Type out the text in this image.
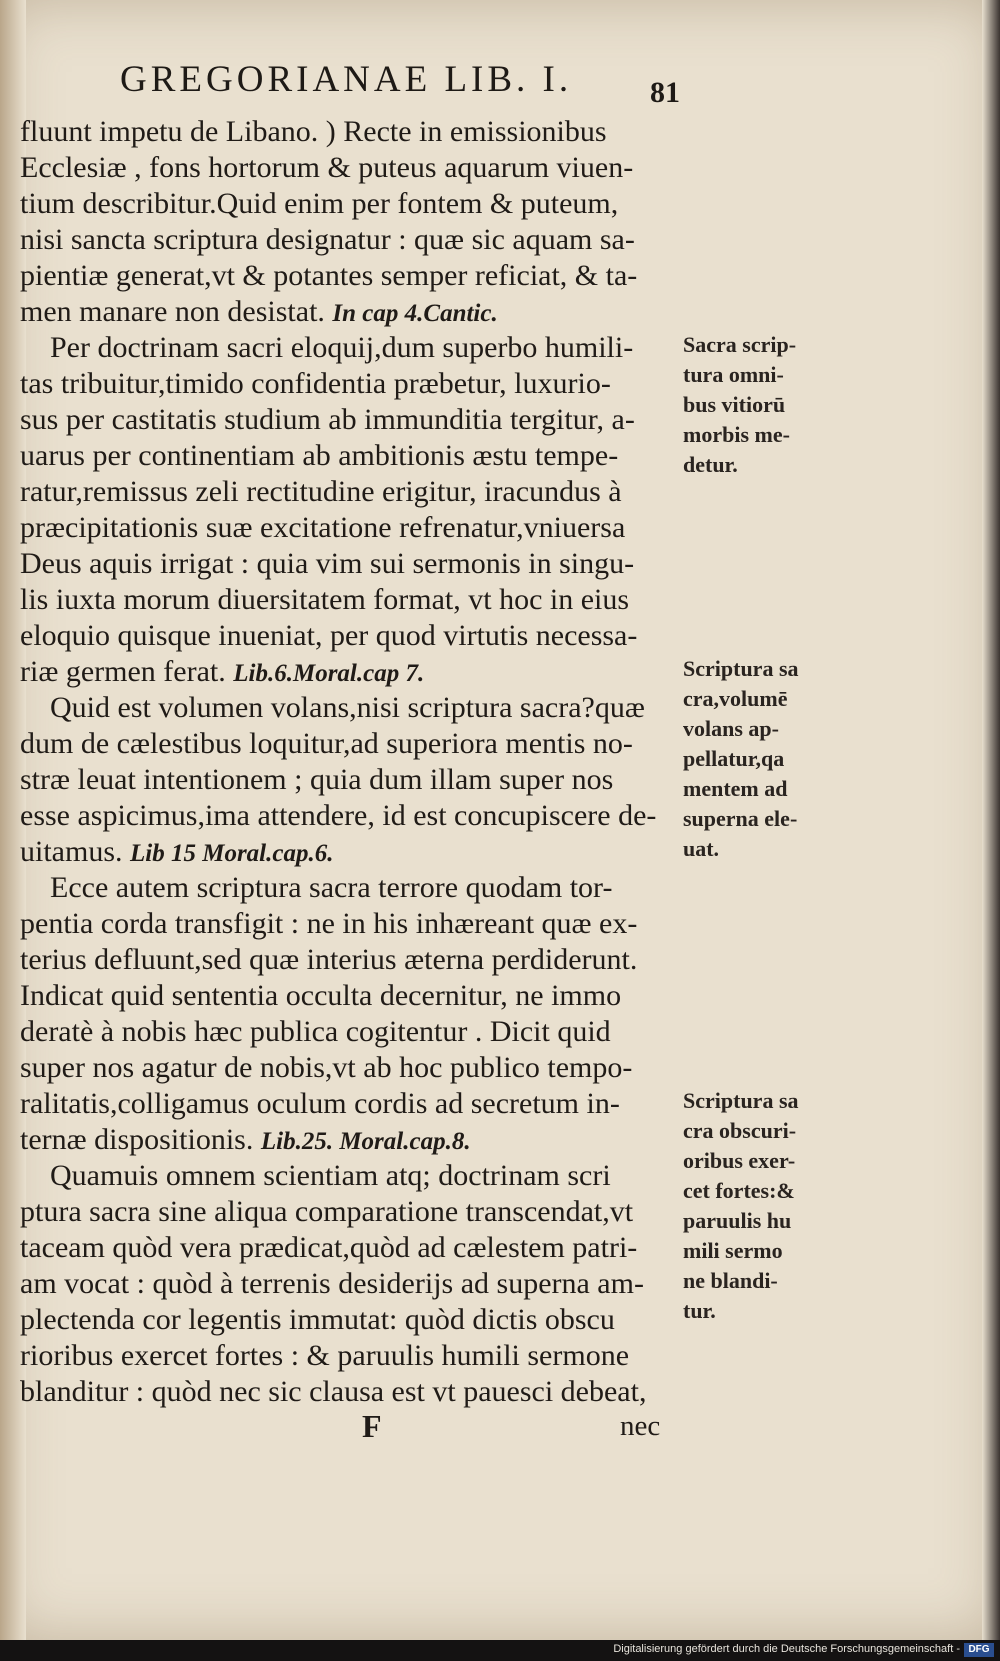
GREGORIANAE LIB. I.	81
fluunt impetu de Libano. ) Recte in emissionibus
Ecclesiæ , fons hortorum & puteus aquarum viuen-
tium describitur.Quid enim per fontem & puteum,
nisi sancta scriptura designatur : quæ sic aquam sa-
pientiæ generat,vt & potantes semper reficiat, & ta-
men manare non desistat. In cap 4.Cantic.
Per doctrinam sacri eloquij,dum superbo humili-
tas tribuitur,timido confidentia præbetur, luxurio-
sus per castitatis studium ab immunditia tergitur, a-
uarus per continentiam ab ambitionis æstu tempe-
ratur,remissus zeli rectitudine erigitur, iracundus à
præcipitationis suæ excitatione refrenatur,vniuersa
Deus aquis irrigat : quia vim sui sermonis in singu-
lis iuxta morum diuersitatem format, vt hoc in eius
eloquio quisque inueniat, per quod virtutis necessa-
riæ germen ferat. Lib.6.Moral.cap 7.
Quid est volumen volans,nisi scriptura sacra?quæ
dum de cælestibus loquitur,ad superiora mentis no-
stræ leuat intentionem ; quia dum illam super nos
esse aspicimus,ima attendere, id est concupiscere de-
uitamus. Lib 15 Moral.cap.6.
Ecce autem scriptura sacra terrore quodam tor-
pentia corda transfigit : ne in his inhæreant quæ ex-
terius defluunt,sed quæ interius æterna perdiderunt.
Indicat quid sententia occulta decernitur, ne immo
deratè à nobis hæc publica cogitentur . Dicit quid
super nos agatur de nobis,vt ab hoc publico tempo-
ralitatis,colligamus oculum cordis ad secretum in-
ternæ dispositionis. Lib.25. Moral.cap.8.
Quamuis omnem scientiam atq; doctrinam scri
ptura sacra sine aliqua comparatione transcendat,vt
taceam quòd vera prædicat,quòd ad cælestem patri-
am vocat : quòd à terrenis desiderijs ad superna am-
plectenda cor legentis immutat: quòd dictis obscu
rioribus exercet fortes : & paruulis humili sermone
blanditur : quòd nec sic clausa est vt pauesci debeat,
Sacra scrip-
tura omni-
bus vitiorū
morbis me-
detur.
Scriptura sa
cra,volumē
volans ap-
pellatur,qa
mentem ad
superna ele-
uat.
Scriptura sa
cra obscuri-
oribus exer-
cet fortes:&
paruulis hu
mili sermo
ne blandi-
tur.
F	nec
Digitalisierung gefördert durch die Deutsche Forschungsgemeinschaft - DFG
